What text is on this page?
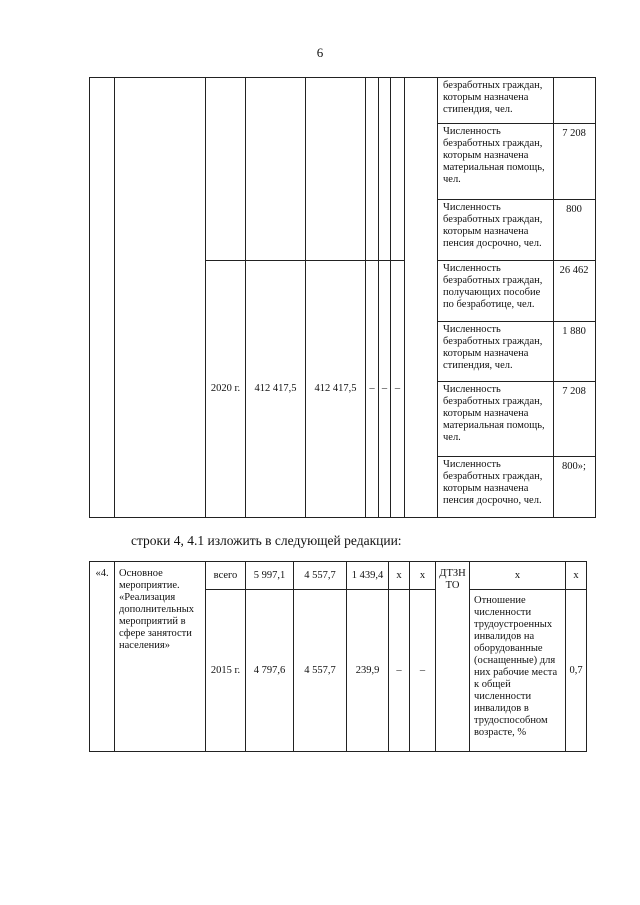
6
									безработных граждан, которым назначена стипендия, чел.	
									Численность безработных граждан, которым назначена материальная помощь, чел.	7 208
									Численность безработных граждан, которым назначена пенсия досрочно, чел.	800
		2020 г.	412 417,5	412 417,5	–	–	–		Численность безработных граждан, получающих пособие по безработице, чел.	26 462
									Численность безработных граждан, которым назначена стипендия, чел.	1 880
									Численность безработных граждан, которым назначена материальная помощь, чел.	7 208
									Численность безработных граждан, которым назначена пенсия досрочно, чел.	800»;
строки 4, 4.1 изложить в следующей редакции:
«4.	Основное мероприятие. «Реализация дополнительных мероприятий в сфере занятости населения»	всего	5 997,1	4 557,7	1 439,4	х	х	ДТЗН ТО	х	х
		2015 г.	4 797,6	4 557,7	239,9	–	–		Отношение численности трудоустроенных инвалидов на оборудованные (оснащенные) для них рабочие места к общей численности инвалидов в трудоспособном возрасте, %	0,7
